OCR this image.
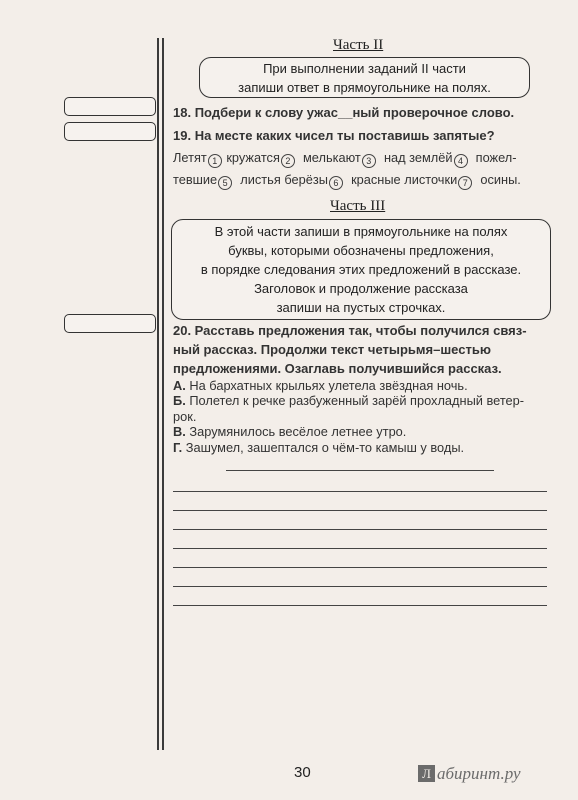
Часть II
При выполнении заданий II части
запиши ответ в прямоугольнике на полях.
18. Подбери к слову ужас__ный проверочное слово.
19. На месте каких чисел ты поставишь запятые?
Летят 1 кружатся 2 мелькают 3 над землёй 4 пожел-
тевшие 5 листья берёзы 6 красные листочки 7 осины.
Часть III
В этой части запиши в прямоугольнике на полях
буквы, которыми обозначены предложения,
в порядке следования этих предложений в рассказе.
Заголовок и продолжение рассказа
запиши на пустых строчках.
20. Расставь предложения так, чтобы получился связ-
ный рассказ. Продолжи текст четырьмя–шестью
предложениями. Озаглавь получившийся рассказ.
А. На бархатных крыльях улетела звёздная ночь.
Б. Полетел к речке разбуженный зарёй прохладный ветер-
рок.
В. Зарумянилось весёлое летнее утро.
Г. Зашумел, зашептался о чём-то камыш у воды.
30	Л абиринт.ру
